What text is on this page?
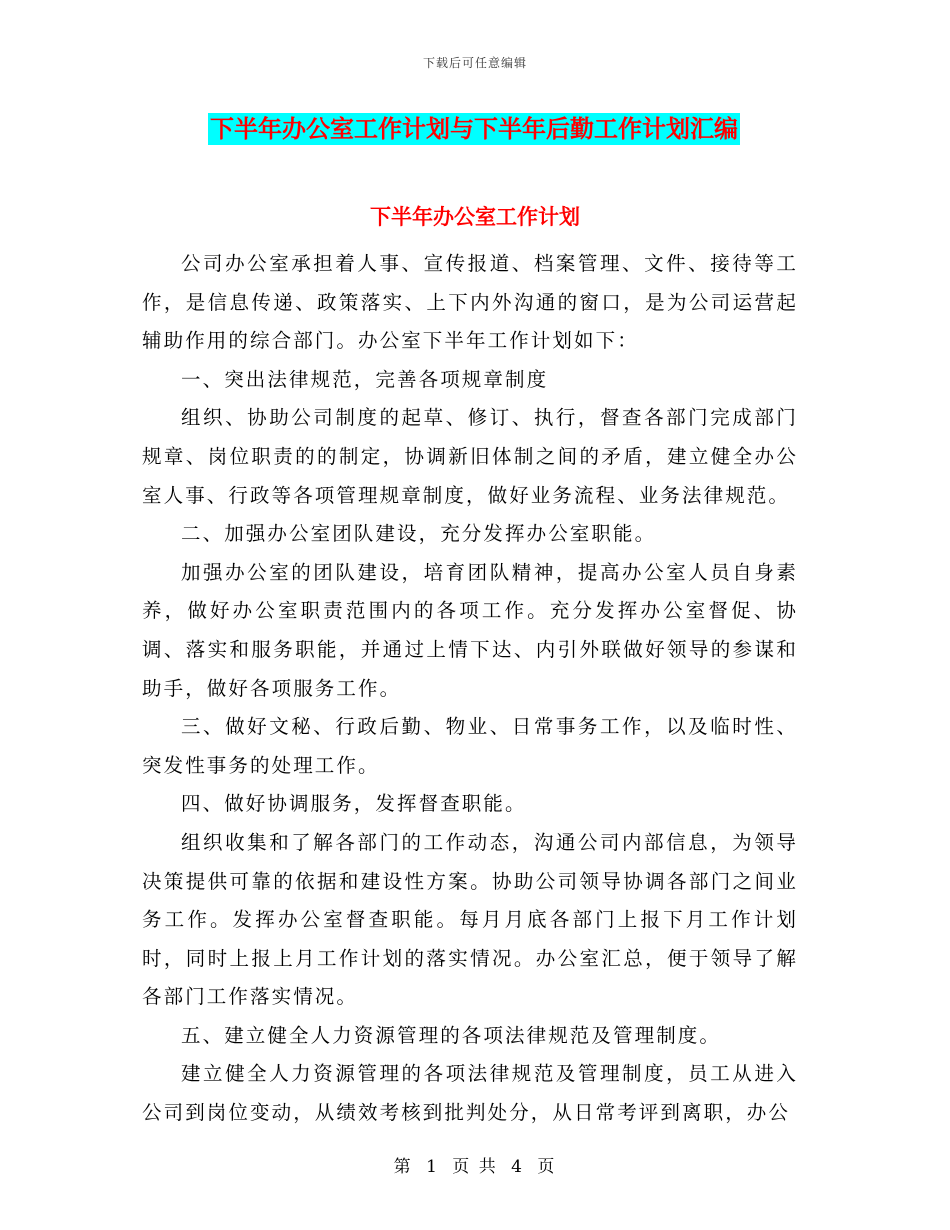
下载后可任意编辑
下半年办公室工作计划与下半年后勤工作计划汇编
下半年办公室工作计划

公司办公室承担着人事、宣传报道、档案管理、文件、接待等工作，是信息传递、政策落实、上下内外沟通的窗口，是为公司运营起辅助作用的综合部门。办公室下半年工作计划如下：

一、突出法律规范，完善各项规章制度

组织、协助公司制度的起草、修订、执行，督查各部门完成部门规章、岗位职责的的制定，协调新旧体制之间的矛盾，建立健全办公室人事、行政等各项管理规章制度，做好业务流程、业务法律规范。

二、加强办公室团队建设，充分发挥办公室职能。

加强办公室的团队建设，培育团队精神，提高办公室人员自身素养，做好办公室职责范围内的各项工作。充分发挥办公室督促、协调、落实和服务职能，并通过上情下达、内引外联做好领导的参谋和助手，做好各项服务工作。

三、做好文秘、行政后勤、物业、日常事务工作，以及临时性、突发性事务的处理工作。

四、做好协调服务，发挥督查职能。

组织收集和了解各部门的工作动态，沟通公司内部信息，为领导决策提供可靠的依据和建设性方案。协助公司领导协调各部门之间业务工作。发挥办公室督查职能。每月月底各部门上报下月工作计划时，同时上报上月工作计划的落实情况。办公室汇总，便于领导了解各部门工作落实情况。

五、建立健全人力资源管理的各项法律规范及管理制度。

建立健全人力资源管理的各项法律规范及管理制度，员工从进入公司到岗位变动，从绩效考核到批判处分，从日常考评到离职，办公

第 1 页 共 4 页
